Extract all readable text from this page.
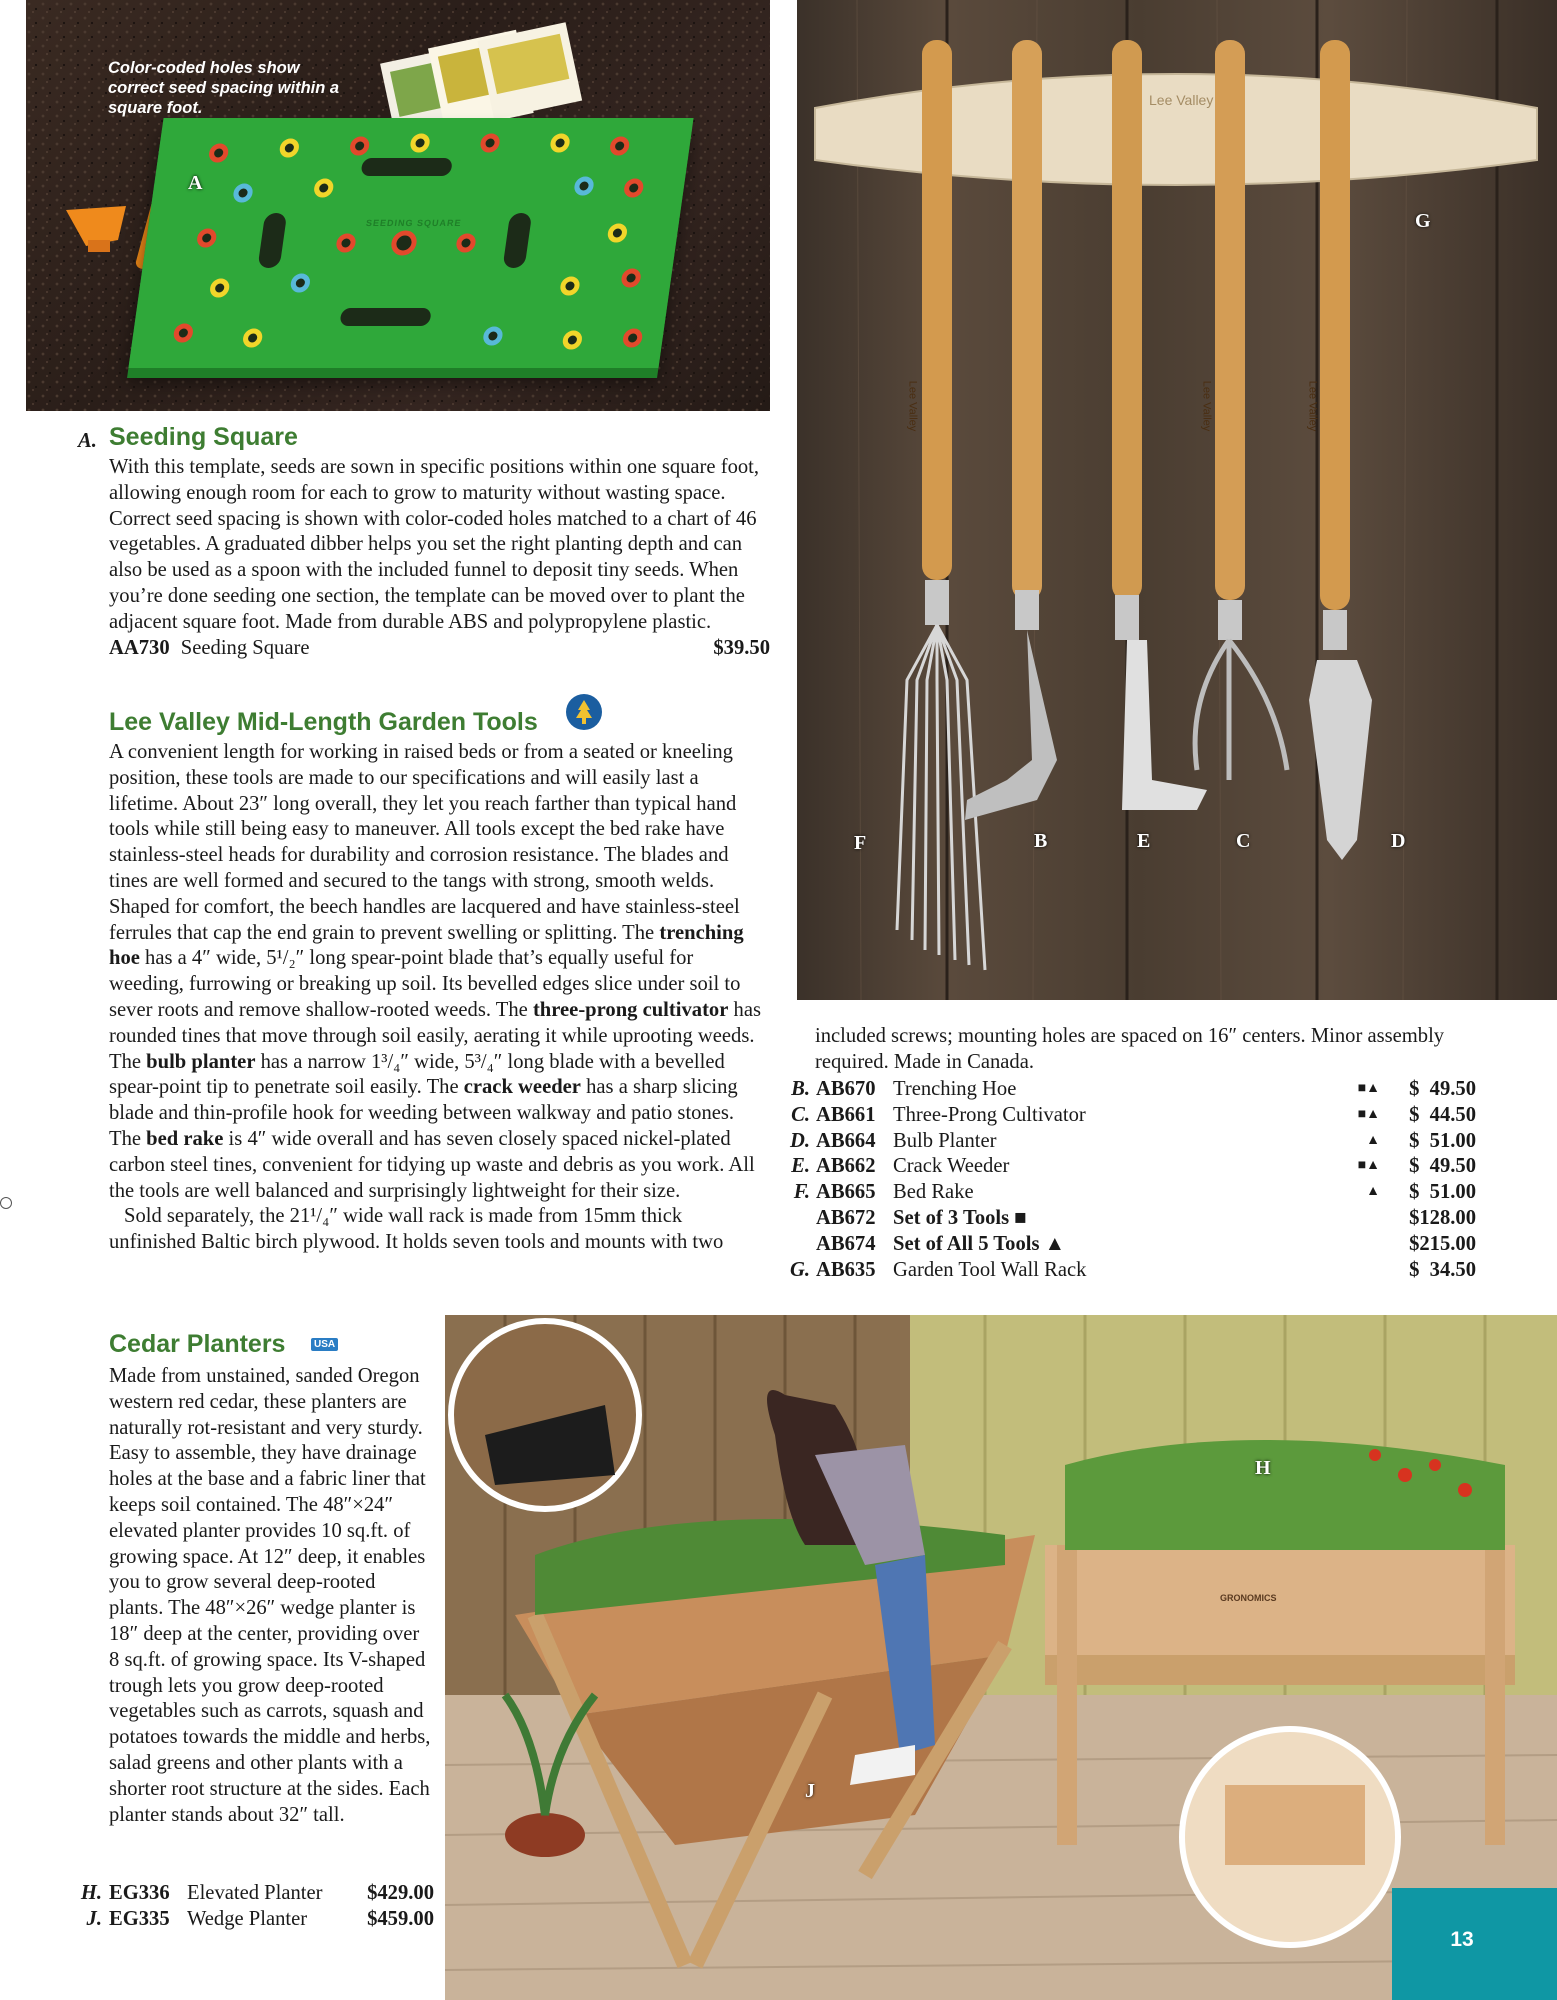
SEEDING SQUARE
Color-coded holes show correct seed spacing within a square foot.
A
Lee Valley
Lee Valley	Lee Valley	Lee Valley
G
F	B	E	C	D
A. Seeding Square
With this template, seeds are sown in specific positions within one square foot, allowing enough room for each to grow to maturity without wasting space. Correct seed spacing is shown with color-coded holes matched to a chart of 46 vegetables. A graduated dibber helps you set the right planting depth and can also be used as a spoon with the included funnel to deposit tiny seeds. When you’re done seeding one section, the template can be moved over to plant the adjacent square foot. Made from durable ABS and polypropylene plastic.
AA730 Seeding Square	$39.50
Lee Valley Mid-Length Garden Tools
A convenient length for working in raised beds or from a seated or kneeling position, these tools are made to our specifications and will easily last a lifetime. About 23″ long overall, they let you reach farther than typical hand tools while still being easy to maneuver. All tools except the bed rake have stainless-steel heads for durability and corrosion resistance. The blades and tines are well formed and secured to the tangs with strong, smooth welds. Shaped for comfort, the beech handles are lacquered and have stainless-steel ferrules that cap the end grain to prevent swelling or splitting. The trenching hoe has a 4″ wide, 5¹/₂″ long spear-point blade that’s equally useful for weeding, furrowing or breaking up soil. Its bevelled edges slice under soil to sever roots and remove shallow-rooted weeds. The three-prong cultivator has rounded tines that move through soil easily, aerating it while uprooting weeds. The bulb planter has a narrow 1³/₄″ wide, 5³/₄″ long blade with a bevelled spear-point tip to penetrate soil easily. The crack weeder has a sharp slicing blade and thin-profile hook for weeding between walkway and patio stones. The bed rake is 4″ wide overall and has seven closely spaced nickel-plated carbon steel tines, convenient for tidying up waste and debris as you work. All the tools are well balanced and surprisingly lightweight for their size.
Sold separately, the 21¹/₄″ wide wall rack is made from 15mm thick unfinished Baltic birch plywood. It holds seven tools and mounts with two
included screws; mounting holes are spaced on 16″ centers. Minor assembly required. Made in Canada.
B. AB670 Trenching Hoe	■▲ $  49.50
C. AB661 Three-Prong Cultivator	■▲ $  44.50
D. AB664 Bulb Planter	▲ $  51.00
E. AB662 Crack Weeder	■▲ $  49.50
F. AB665 Bed Rake	▲ $  51.00
AB672 Set of 3 Tools ■	$128.00
AB674 Set of All 5 Tools ▲	$215.00
G. AB635 Garden Tool Wall Rack	$  34.50
Cedar Planters	USA
Made from unstained, sanded Oregon western red cedar, these planters are naturally rot-resistant and very sturdy. Easy to assemble, they have drainage holes at the base and a fabric liner that keeps soil contained. The 48″×24″ elevated planter provides 10 sq.ft. of growing space. At 12″ deep, it enables you to grow several deep-rooted plants. The 48″×26″ wedge planter is 18″ deep at the center, providing over 8 sq.ft. of growing space. Its V-shaped trough lets you grow deep-rooted vegetables such as carrots, squash and potatoes towards the middle and herbs, salad greens and other plants with a shorter root structure at the sides. Each planter stands about 32″ tall.
H. EG336 Elevated Planter $429.00
J. EG335 Wedge Planter	$459.00
GRONOMICS
H
J
13
